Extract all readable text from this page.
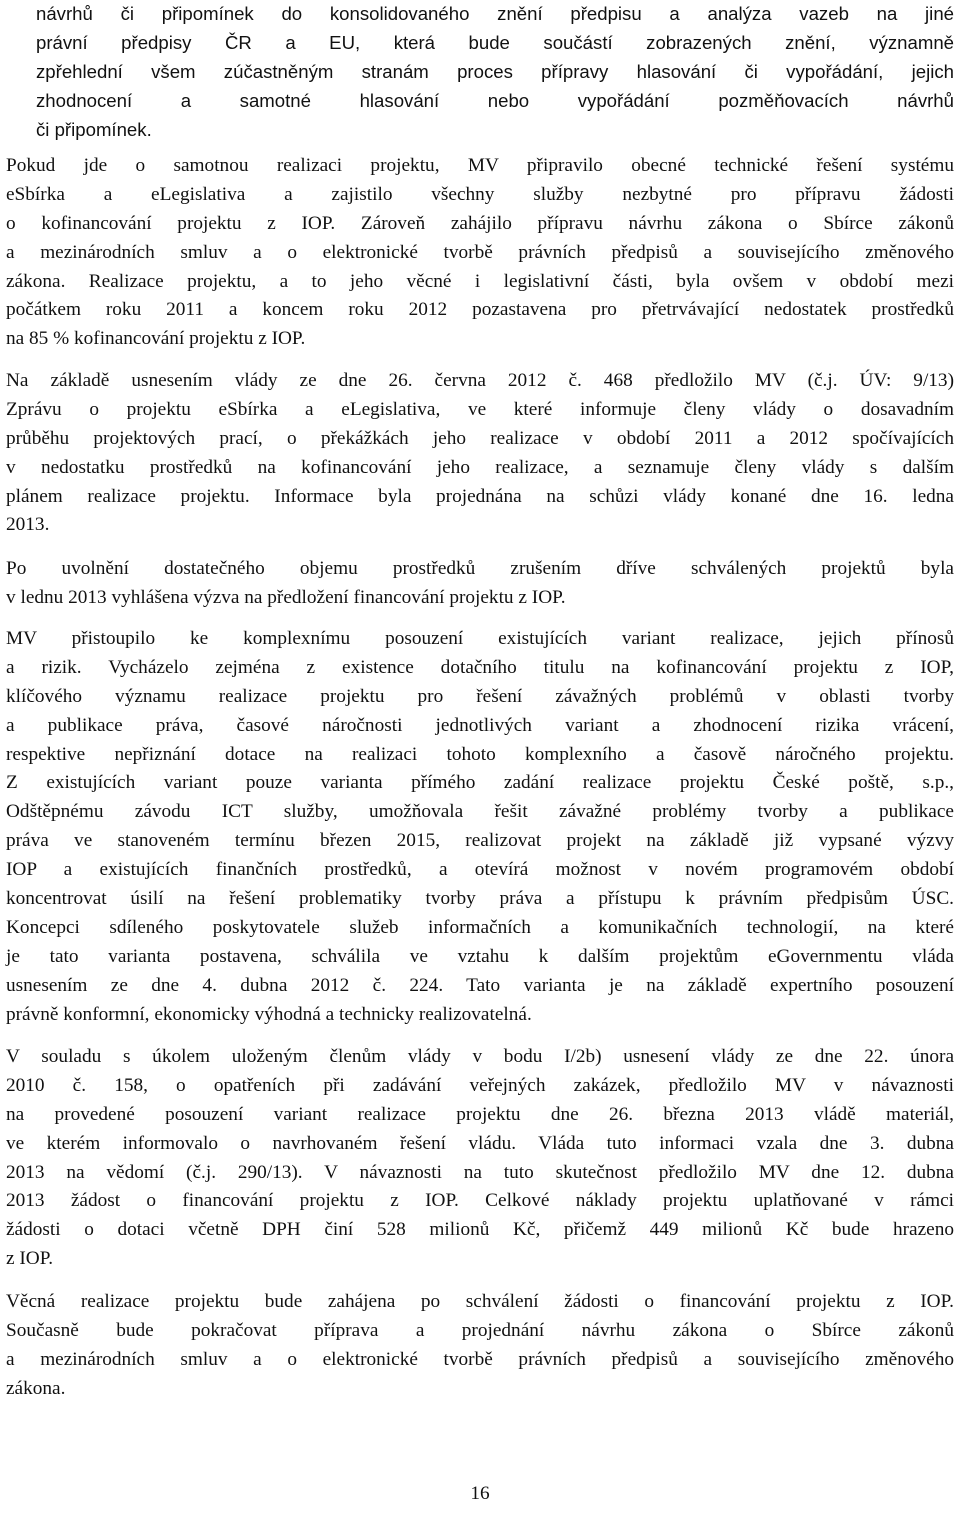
návrhů či připomínek do konsolidovaného znění předpisu a analýza vazeb na jiné
právní předpisy ČR a EU, která bude součástí zobrazených znění, významně
zpřehlední všem zúčastněným stranám proces přípravy hlasování či vypořádání, jejich
zhodnocení a samotné hlasování nebo vypořádání pozměňovacích návrhů
či připomínek.
Pokud jde o samotnou realizaci projektu, MV připravilo obecné technické řešení systému
eSbírka a eLegislativa a zajistilo všechny služby nezbytné pro přípravu žádosti
o kofinancování projektu z IOP. Zároveň zahájilo přípravu návrhu zákona o Sbírce zákonů
a mezinárodních smluv a o elektronické tvorbě právních předpisů a souvisejícího změnového
zákona. Realizace projektu, a to jeho věcné i legislativní části, byla ovšem v období mezi
počátkem roku 2011 a koncem roku 2012 pozastavena pro přetrvávající nedostatek prostředků
na 85 % kofinancování projektu z IOP.
Na základě usnesením vlády ze dne 26. června 2012 č. 468 předložilo MV (č.j. ÚV: 9/13)
Zprávu o projektu eSbírka a eLegislativa, ve které informuje členy vlády o dosavadním
průběhu projektových prací, o překážkách jeho realizace v období 2011 a 2012 spočívajících
v nedostatku prostředků na kofinancování jeho realizace, a seznamuje členy vlády s dalším
plánem realizace projektu. Informace byla projednána na schůzi vlády konané dne 16. ledna
2013.
Po uvolnění dostatečného objemu prostředků zrušením dříve schválených projektů byla
v lednu 2013 vyhlášena výzva na předložení financování projektu z IOP.
MV přistoupilo ke komplexnímu posouzení existujících variant realizace, jejich přínosů
a rizik. Vycházelo zejména z existence dotačního titulu na kofinancování projektu z IOP,
klíčového významu realizace projektu pro řešení závažných problémů v oblasti tvorby
a publikace práva, časové náročnosti jednotlivých variant a zhodnocení rizika vrácení,
respektive nepřiznání dotace na realizaci tohoto komplexního a časově náročného projektu.
Z existujících variant pouze varianta přímého zadání realizace projektu České poště, s.p.,
Odštěpnému závodu ICT služby, umožňovala řešit závažné problémy tvorby a publikace
práva ve stanoveném termínu březen 2015, realizovat projekt na základě již vypsané výzvy
IOP a existujících finančních prostředků, a otevírá možnost v novém programovém období
koncentrovat úsilí na řešení problematiky tvorby práva a přístupu k právním předpisům ÚSC.
Koncepci sdíleného poskytovatele služeb informačních a komunikačních technologií, na které
je tato varianta postavena, schválila ve vztahu k dalším projektům eGovernmentu vláda
usnesením ze dne 4. dubna 2012 č. 224. Tato varianta je na základě expertního posouzení
právně konformní, ekonomicky výhodná a technicky realizovatelná.
V souladu s úkolem uloženým členům vlády v bodu I/2b) usnesení vlády ze dne 22. února
2010 č. 158, o opatřeních při zadávání veřejných zakázek, předložilo MV v návaznosti
na provedené posouzení variant realizace projektu dne 26. března 2013 vládě materiál,
ve kterém informovalo o navrhovaném řešení vládu. Vláda tuto informaci vzala dne 3. dubna
2013 na vědomí (č.j. 290/13). V návaznosti na tuto skutečnost předložilo MV dne 12. dubna
2013 žádost o financování projektu z IOP. Celkové náklady projektu uplatňované v rámci
žádosti o dotaci včetně DPH činí 528 milionů Kč, přičemž 449 milionů Kč bude hrazeno
z IOP.
Věcná realizace projektu bude zahájena po schválení žádosti o financování projektu z IOP.
Současně bude pokračovat příprava a projednání návrhu zákona o Sbírce zákonů
a mezinárodních smluv a o elektronické tvorbě právních předpisů a souvisejícího změnového
zákona.
16
